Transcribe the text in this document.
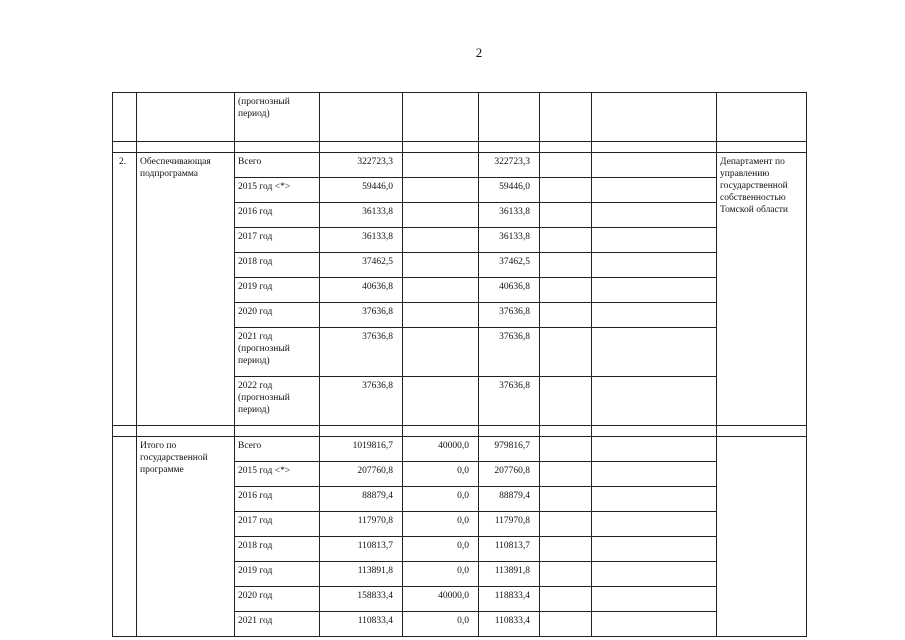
2
		(прогнозный период)						

2.	Обеспечивающая подпрограмма	Всего	322723,3		322723,3			Департамент по управлению государственной собственностью Томской области
		2015 год <*>	59446,0		59446,0			
		2016 год	36133,8		36133,8			
		2017 год	36133,8		36133,8			
		2018 год	37462,5		37462,5			
		2019 год	40636,8		40636,8			
		2020 год	37636,8		37636,8			
		2021 год (прогнозный период)	37636,8		37636,8			
		2022 год (прогнозный период)	37636,8		37636,8			

	Итого по государственной программе	Всего	1019816,7	40000,0	979816,7			
		2015 год <*>	207760,8	0,0	207760,8			
		2016 год	88879,4	0,0	88879,4			
		2017 год	117970,8	0,0	117970,8			
		2018 год	110813,7	0,0	110813,7			
		2019 год	113891,8	0,0	113891,8			
		2020 год	158833,4	40000,0	118833,4			
		2021 год	110833,4	0,0	110833,4			
